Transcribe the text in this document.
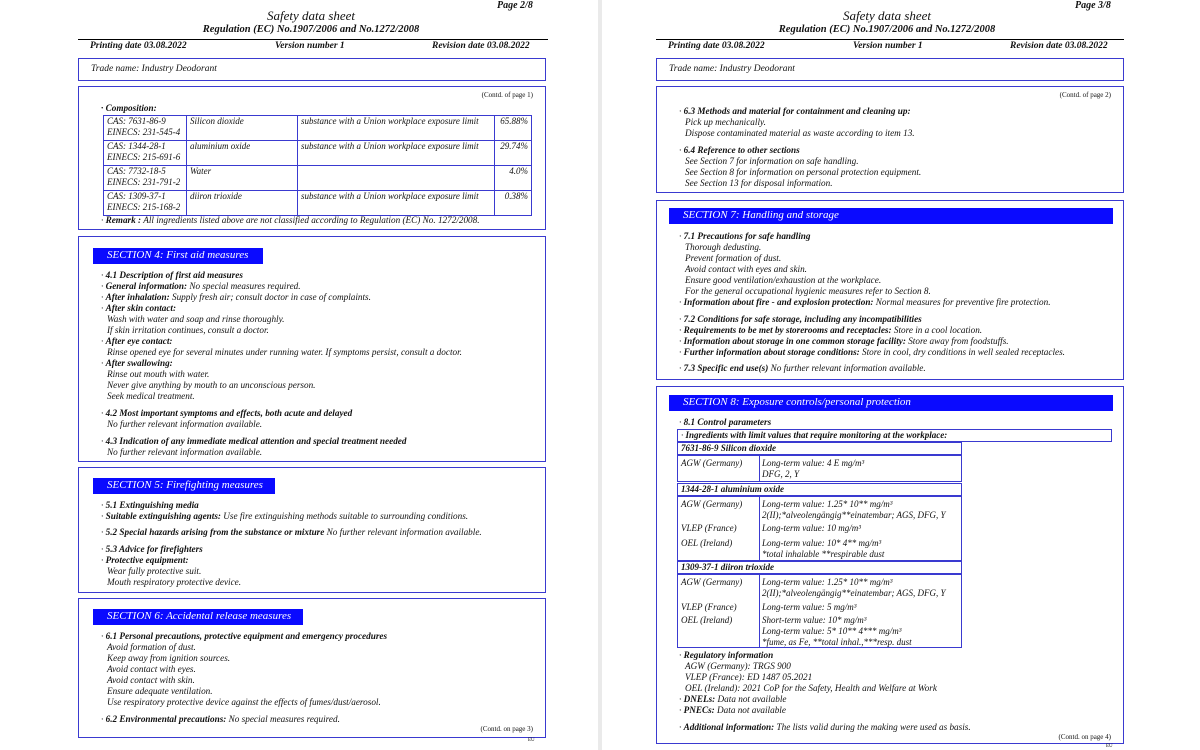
Page 2/8
Safety data sheet
Regulation (EC) No.1907/2006 and No.1272/2008
Printing date 03.08.2022	Version number 1	Revision date 03.08.2022
Trade name: Industry Deodorant
(Contd. of page 1)
· Composition:
CAS: 7631-86-9
EINECS: 231-545-4	Silicon dioxide	substance with a Union workplace exposure limit	65.88%
CAS: 1344-28-1
EINECS: 215-691-6	aluminium oxide	substance with a Union workplace exposure limit	29.74%
CAS: 7732-18-5
EINECS: 231-791-2	Water		4.0%
CAS: 1309-37-1
EINECS: 215-168-2	diiron trioxide	substance with a Union workplace exposure limit	0.38%
· Remark : All ingredients listed above are not classified according to Regulation (EC) No. 1272/2008.
SECTION 4: First aid measures
· 4.1 Description of first aid measures
· General information: No special measures required.
· After inhalation: Supply fresh air; consult doctor in case of complaints.
· After skin contact:
Wash with water and soap and rinse thoroughly.
If skin irritation continues, consult a doctor.
· After eye contact:
Rinse opened eye for several minutes under running water. If symptoms persist, consult a doctor.
· After swallowing:
Rinse out mouth with water.
Never give anything by mouth to an unconscious person.
Seek medical treatment.
· 4.2 Most important symptoms and effects, both acute and delayed
No further relevant information available.
· 4.3 Indication of any immediate medical attention and special treatment needed
No further relevant information available.
SECTION 5: Firefighting measures
· 5.1 Extinguishing media
· Suitable extinguishing agents: Use fire extinguishing methods suitable to surrounding conditions.
· 5.2 Special hazards arising from the substance or mixture No further relevant information available.
· 5.3 Advice for firefighters
· Protective equipment:
Wear fully protective suit.
Mouth respiratory protective device.
SECTION 6: Accidental release measures
· 6.1 Personal precautions, protective equipment and emergency procedures
Avoid formation of dust.
Keep away from ignition sources.
Avoid contact with eyes.
Avoid contact with skin.
Ensure adequate ventilation.
Use respiratory protective device against the effects of fumes/dust/aerosol.
· 6.2 Environmental precautions: No special measures required.
(Contd. on page 3)
EU
Page 3/8
Safety data sheet
Regulation (EC) No.1907/2006 and No.1272/2008
Printing date 03.08.2022	Version number 1	Revision date 03.08.2022
Trade name: Industry Deodorant
(Contd. of page 2)
· 6.3 Methods and material for containment and cleaning up:
Pick up mechanically.
Dispose contaminated material as waste according to item 13.
· 6.4 Reference to other sections
See Section 7 for information on safe handling.
See Section 8 for information on personal protection equipment.
See Section 13 for disposal information.
SECTION 7: Handling and storage
· 7.1 Precautions for safe handling
Thorough dedusting.
Prevent formation of dust.
Avoid contact with eyes and skin.
Ensure good ventilation/exhaustion at the workplace.
For the general occupational hygienic measures refer to Section 8.
· Information about fire - and explosion protection: Normal measures for preventive fire protection.
· 7.2 Conditions for safe storage, including any incompatibilities
· Requirements to be met by storerooms and receptacles: Store in a cool location.
· Information about storage in one common storage facility: Store away from foodstuffs.
· Further information about storage conditions: Store in cool, dry conditions in well sealed receptacles.
· 7.3 Specific end use(s) No further relevant information available.
SECTION 8: Exposure controls/personal protection
· 8.1 Control parameters
· Ingredients with limit values that require monitoring at the workplace:
7631-86-9 Silicon dioxide
AGW (Germany) Long-term value: 4 E mg/m³
DFG, 2, Y
1344-28-1 aluminium oxide
AGW (Germany) Long-term value: 1.25* 10** mg/m³
2(II);*alveolengängig**einatembar; AGS, DFG, Y
VLEP (France)	Long-term value: 10 mg/m³
OEL (Ireland)	Long-term value: 10* 4** mg/m³
*total inhalable **respirable dust
1309-37-1 diiron trioxide
AGW (Germany) Long-term value: 1.25* 10** mg/m³
2(II);*alveolengängig**einatembar; AGS, DFG, Y
VLEP (France)	Long-term value: 5 mg/m³
OEL (Ireland)	Short-term value: 10* mg/m³
Long-term value: 5* 10** 4*** mg/m³
*fume, as Fe, **total inhal.,***resp. dust
· Regulatory information
AGW (Germany): TRGS 900
VLEP (France): ED 1487 05.2021
OEL (Ireland): 2021 CoP for the Safety, Health and Welfare at Work
· DNELs: Data not available
· PNECs: Data not available
· Additional information: The lists valid during the making were used as basis.
(Contd. on page 4)
EU
